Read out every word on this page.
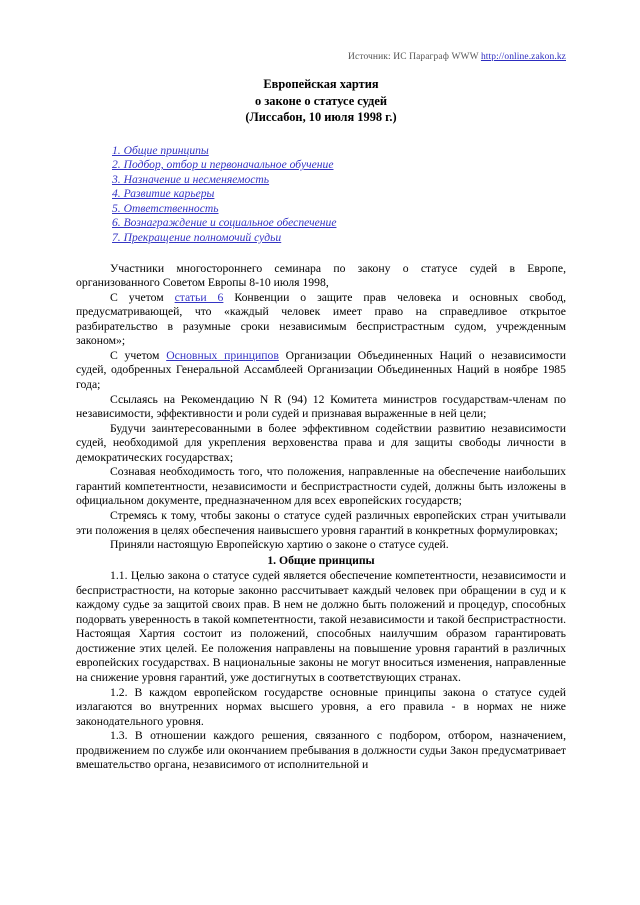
Источник: ИС Параграф WWW http://online.zakon.kz
Европейская хартия
о законе о статусе судей
(Лиссабон, 10 июля 1998 г.)
1. Общие принципы
2. Подбор, отбор и первоначальное обучение
3. Назначение и несменяемость
4. Развитие карьеры
5. Ответственность
6. Вознаграждение и социальное обеспечение
7. Прекращение полномочий судьи

Участники многостороннего семинара по закону о статусе судей в Европе, организованного Советом Европы 8-10 июля 1998,

С учетом статьи 6 Конвенции о защите прав человека и основных свобод, предусматривающей, что «каждый человек имеет право на справедливое открытое разбирательство в разумные сроки независимым беспристрастным судом, учрежденным законом»;

С учетом Основных принципов Организации Объединенных Наций о независимости судей, одобренных Генеральной Ассамблеей Организации Объединенных Наций в ноябре 1985 года;

Ссылаясь на Рекомендацию N R (94) 12 Комитета министров государствам-членам по независимости, эффективности и роли судей и признавая выраженные в ней цели;

Будучи заинтересованными в более эффективном содействии развитию независимости судей, необходимой для укрепления верховенства права и для защиты свободы личности в демократических государствах;

Сознавая необходимость того, что положения, направленные на обеспечение наибольших гарантий компетентности, независимости и беспристрастности судей, должны быть изложены в официальном документе, предназначенном для всех европейских государств;

Стремясь к тому, чтобы законы о статусе судей различных европейских стран учитывали эти положения в целях обеспечения наивысшего уровня гарантий в конкретных формулировках;

Приняли настоящую Европейскую хартию о законе о статусе судей.

1. Общие принципы

1.1. Целью закона о статусе судей является обеспечение компетентности, независимости и беспристрастности, на которые законно рассчитывает каждый человек при обращении в суд и к каждому судье за защитой своих прав. В нем не должно быть положений и процедур, способных подорвать уверенность в такой компетентности, такой независимости и такой беспристрастности. Настоящая Хартия состоит из положений, способных наилучшим образом гарантировать достижение этих целей. Ее положения направлены на повышение уровня гарантий в различных европейских государствах. В национальные законы не могут вноситься изменения, направленные на снижение уровня гарантий, уже достигнутых в соответствующих странах.

1.2. В каждом европейском государстве основные принципы закона о статусе судей излагаются во внутренних нормах высшего уровня, а его правила - в нормах не ниже законодательного уровня.

1.3. В отношении каждого решения, связанного с подбором, отбором, назначением, продвижением по службе или окончанием пребывания в должности судьи Закон предусматривает вмешательство органа, независимого от исполнительной и
